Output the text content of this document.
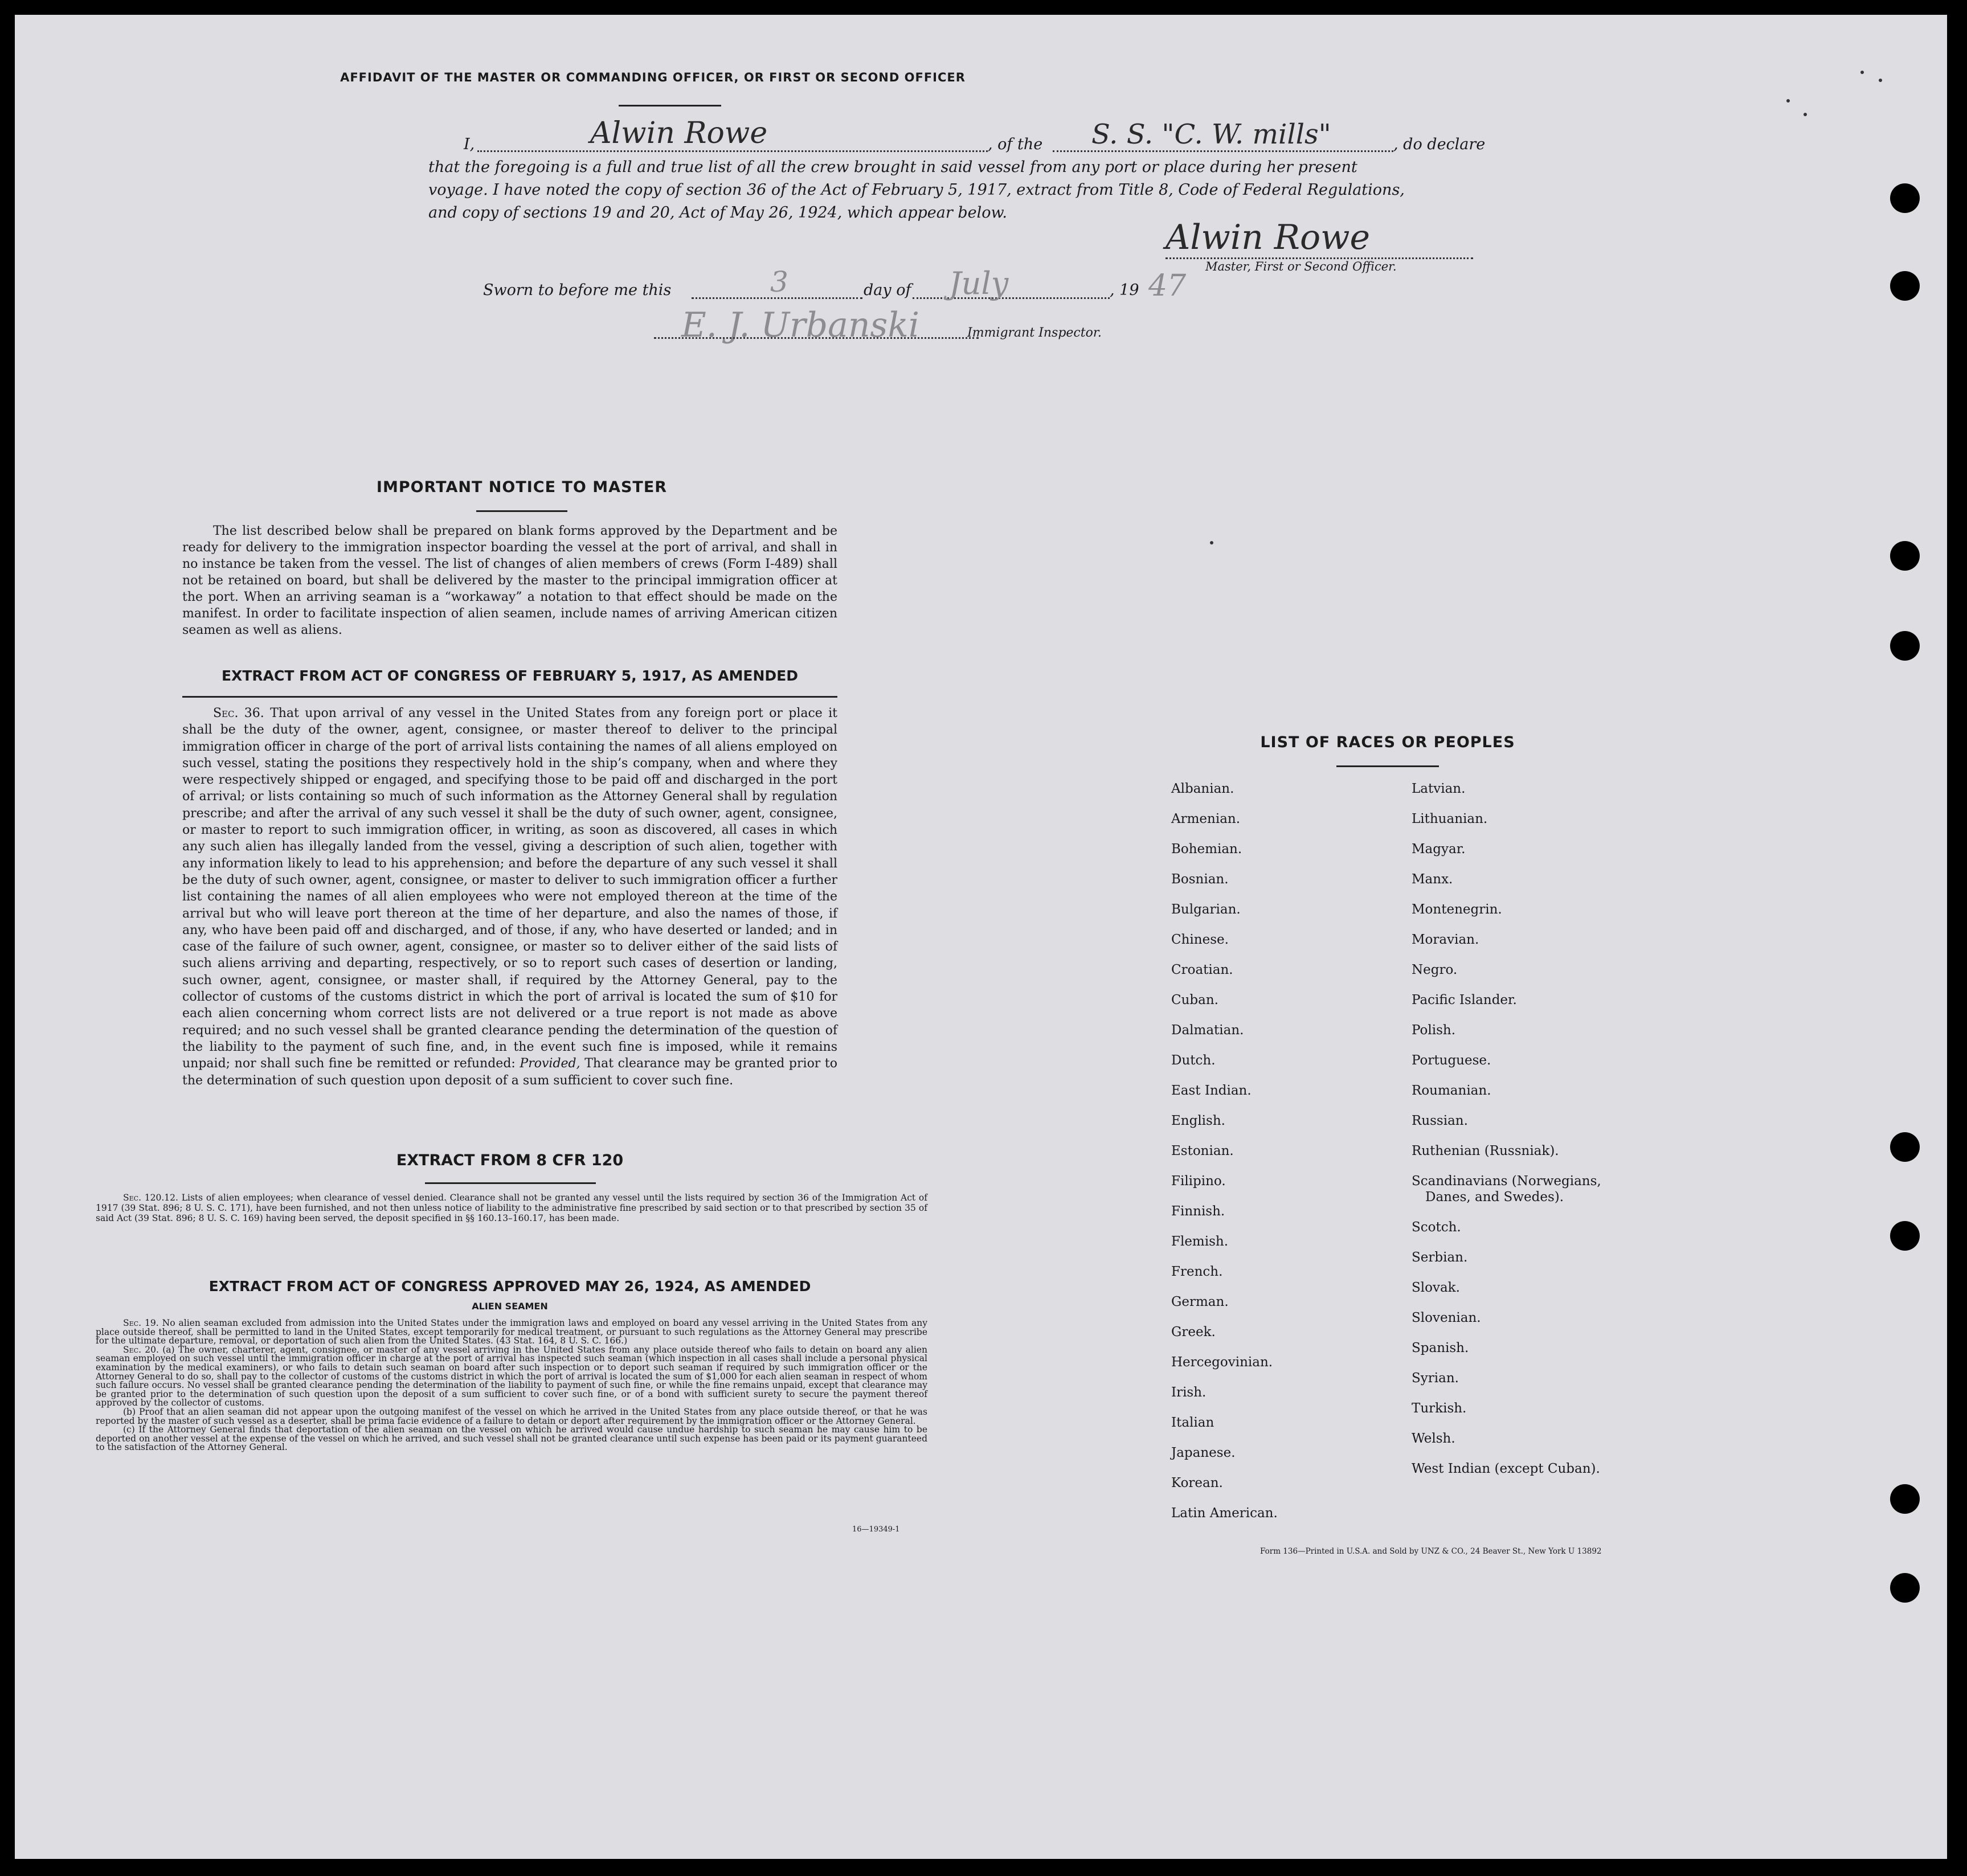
AFFIDAVIT OF THE MASTER OR COMMANDING OFFICER, OR FIRST OR SECOND OFFICER
I,	Alwin Rowe	, of the S. S. "C. W. mills"	, do declare
that the foregoing is a full and true list of all the crew brought in said vessel from any port or place during her present
voyage. I have noted the copy of section 36 of the Act of February 5, 1917, extract from Title 8, Code of Federal Regulations,
and copy of sections 19 and 20, Act of May 26, 1924, which appear below.
Alwin Rowe
Master, First or Second Officer.
Sworn to before me this	3	day of July	, 19 47
E. J. Urbanski	Immigrant Inspector.
IMPORTANT NOTICE TO MASTER
The list described below shall be prepared on blank forms approved by the Department and be ready for delivery to the immigration inspector boarding the vessel at the port of arrival, and shall in no instance be taken from the vessel. The list of changes of alien members of crews (Form I-489) shall not be retained on board, but shall be delivered by the master to the principal immigration officer at the port. When an arriving seaman is a “workaway” a notation to that effect should be made on the manifest. In order to facilitate inspection of alien seamen, include names of arriving American citizen seamen as well as aliens.
EXTRACT FROM ACT OF CONGRESS OF FEBRUARY 5, 1917, AS AMENDED
Sec. 36. That upon arrival of any vessel in the United States from any foreign port or place it shall be the duty of the owner, agent, consignee, or master thereof to deliver to the principal immigration officer in charge of the port of arrival lists containing the names of all aliens employed on such vessel, stating the positions they respectively hold in the ship’s company, when and where they were respectively shipped or engaged, and specifying those to be paid off and discharged in the port of arrival; or lists containing so much of such information as the Attorney General shall by regulation prescribe; and after the arrival of any such vessel it shall be the duty of such owner, agent, consignee, or master to report to such immigration officer, in writing, as soon as discovered, all cases in which any such alien has illegally landed from the vessel, giving a description of such alien, together with any information likely to lead to his apprehension; and before the departure of any such vessel it shall be the duty of such owner, agent, consignee, or master to deliver to such immigration officer a further list containing the names of all alien employees who were not employed thereon at the time of the arrival but who will leave port thereon at the time of her departure, and also the names of those, if any, who have been paid off and discharged, and of those, if any, who have deserted or landed; and in case of the failure of such owner, agent, consignee, or master so to deliver either of the said lists of such aliens arriving and departing, respectively, or so to report such cases of desertion or landing, such owner, agent, consignee, or master shall, if required by the Attorney General, pay to the collector of customs of the customs district in which the port of arrival is located the sum of $10 for each alien concerning whom correct lists are not delivered or a true report is not made as above required; and no such vessel shall be granted clearance pending the determination of the question of the liability to the payment of such fine, and, in the event such fine is imposed, while it remains unpaid; nor shall such fine be remitted or refunded: Provided, That clearance may be granted prior to the determination of such question upon deposit of a sum sufficient to cover such fine.
EXTRACT FROM 8 CFR 120
Sec. 120.12. Lists of alien employees; when clearance of vessel denied. Clearance shall not be granted any vessel until the lists required by section 36 of the Immigration Act of 1917 (39 Stat. 896; 8 U. S. C. 171), have been furnished, and not then unless notice of liability to the administrative fine prescribed by said section or to that prescribed by section 35 of said Act (39 Stat. 896; 8 U. S. C. 169) having been served, the deposit specified in §§ 160.13–160.17, has been made.
EXTRACT FROM ACT OF CONGRESS APPROVED MAY 26, 1924, AS AMENDED
ALIEN SEAMEN
Sec. 19. No alien seaman excluded from admission into the United States under the immigration laws and employed on board any vessel arriving in the United States from any place outside thereof, shall be permitted to land in the United States, except temporarily for medical treatment, or pursuant to such regulations as the Attorney General may prescribe for the ultimate departure, removal, or deportation of such alien from the United States. (43 Stat. 164, 8 U. S. C. 166.)
Sec. 20. (a) The owner, charterer, agent, consignee, or master of any vessel arriving in the United States from any place outside thereof who fails to detain on board any alien seaman employed on such vessel until the immigration officer in charge at the port of arrival has inspected such seaman (which inspection in all cases shall include a personal physical examination by the medical examiners), or who fails to detain such seaman on board after such inspection or to deport such seaman if required by such immigration officer or the Attorney General to do so, shall pay to the collector of customs of the customs district in which the port of arrival is located the sum of $1,000 for each alien seaman in respect of whom such failure occurs. No vessel shall be granted clearance pending the determination of the liability to payment of such fine, or while the fine remains unpaid, except that clearance may be granted prior to the determination of such question upon the deposit of a sum sufficient to cover such fine, or of a bond with sufficient surety to secure the payment thereof approved by the collector of customs.
(b) Proof that an alien seaman did not appear upon the outgoing manifest of the vessel on which he arrived in the United States from any place outside thereof, or that he was reported by the master of such vessel as a deserter, shall be prima facie evidence of a failure to detain or deport after requirement by the immigration officer or the Attorney General.
(c) If the Attorney General finds that deportation of the alien seaman on the vessel on which he arrived would cause undue hardship to such seaman he may cause him to be deported on another vessel at the expense of the vessel on which he arrived, and such vessel shall not be granted clearance until such expense has been paid or its payment guaranteed to the satisfaction of the Attorney General.
16—19349-1
LIST OF RACES OR PEOPLES
Albanian.
Armenian.
Bohemian.
Bosnian.
Bulgarian.
Chinese.
Croatian.
Cuban.
Dalmatian.
Dutch.
East Indian.
English.
Estonian.
Filipino.
Finnish.
Flemish.
French.
German.
Greek.
Hercegovinian.
Irish.
Italian
Japanese.
Korean.
Latin American.
Latvian.
Lithuanian.
Magyar.
Manx.
Montenegrin.
Moravian.
Negro.
Pacific Islander.
Polish.
Portuguese.
Roumanian.
Russian.
Ruthenian (Russniak).
Scandinavians (Norwegians,
Danes, and Swedes).
Scotch.
Serbian.
Slovak.
Slovenian.
Spanish.
Syrian.
Turkish.
Welsh.
West Indian (except Cuban).
Form 136—Printed in U.S.A. and Sold by UNZ & CO., 24 Beaver St., New York U 13892
